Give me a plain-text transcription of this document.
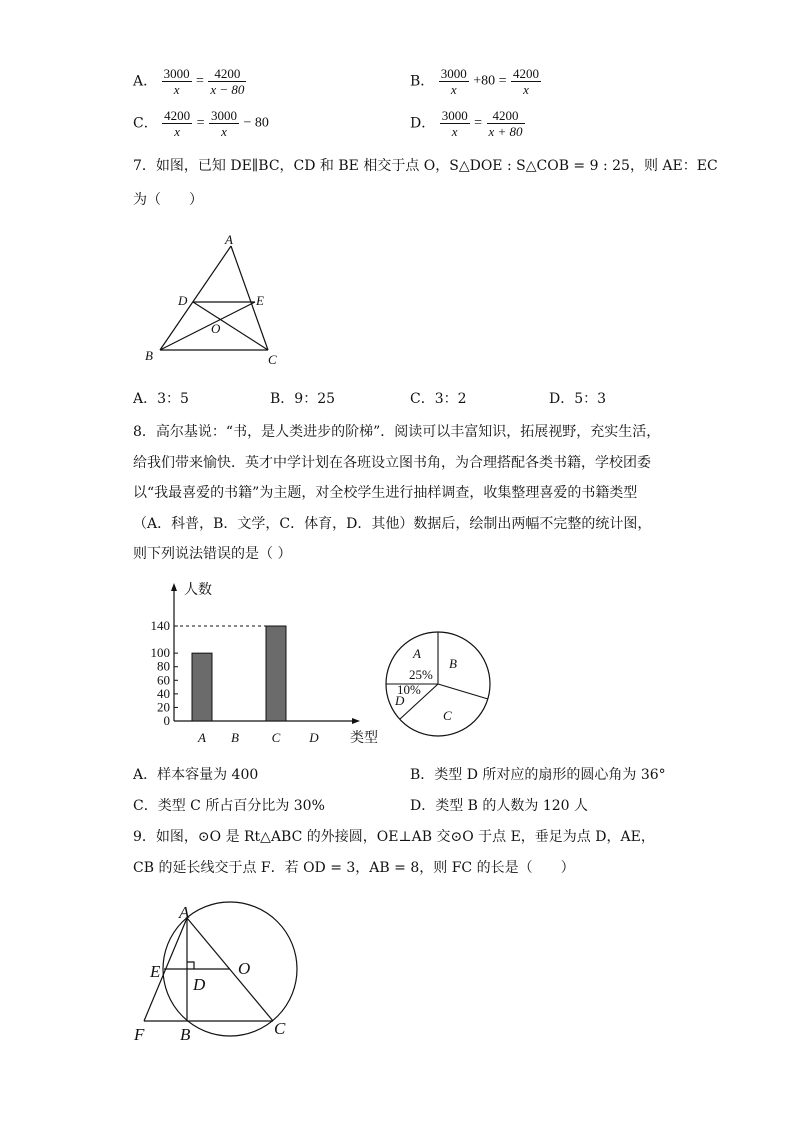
A． $\frac{3000}{x} = \frac{4200}{x - 80}$	B． $\frac{3000}{x} +80 = \frac{4200}{x}$
C． $\frac{4200}{x} = \frac{3000}{x} - 80$	D． $\frac{3000}{x} = \frac{4200}{x + 80}$
7．如图，已知 DE∥BC，CD 和 BE 相交于点 O，S△DOE : S△COB = 9 : 25，则 AE：EC
为（　　）
A
D	E
O
B	C
A．3：5	B．9：25	C．3：2	D．5：3
8．高尔基说：“书，是人类进步的阶梯”．阅读可以丰富知识，拓展视野，充实生活，
给我们带来愉快．英才中学计划在各班设立图书角，为合理搭配各类书籍，学校团委
以“我最喜爱的书籍”为主题，对全校学生进行抽样调查，收集整理喜爱的书籍类型
（A．科普，B．文学，C．体育，D．其他）数据后，绘制出两幅不完整的统计图，
则下列说法错误的是（ ）
人数
类型
0
20
40
60
80
100
140
A B	C D
A
25%
B
C
10%
D
A．样本容量为 400	B．类型 D 所对应的扇形的圆心角为 36°
C．类型 C 所占百分比为 30%	D．类型 B 的人数为 120 人
9．如图，⊙O 是 Rt△ABC 的外接圆，OE⊥AB 交⊙O 于点 E，垂足为点 D，AE，
CB 的延长线交于点 F．若 OD = 3，AB = 8，则 FC 的长是（　　）
A
E
D
O
F B	C
